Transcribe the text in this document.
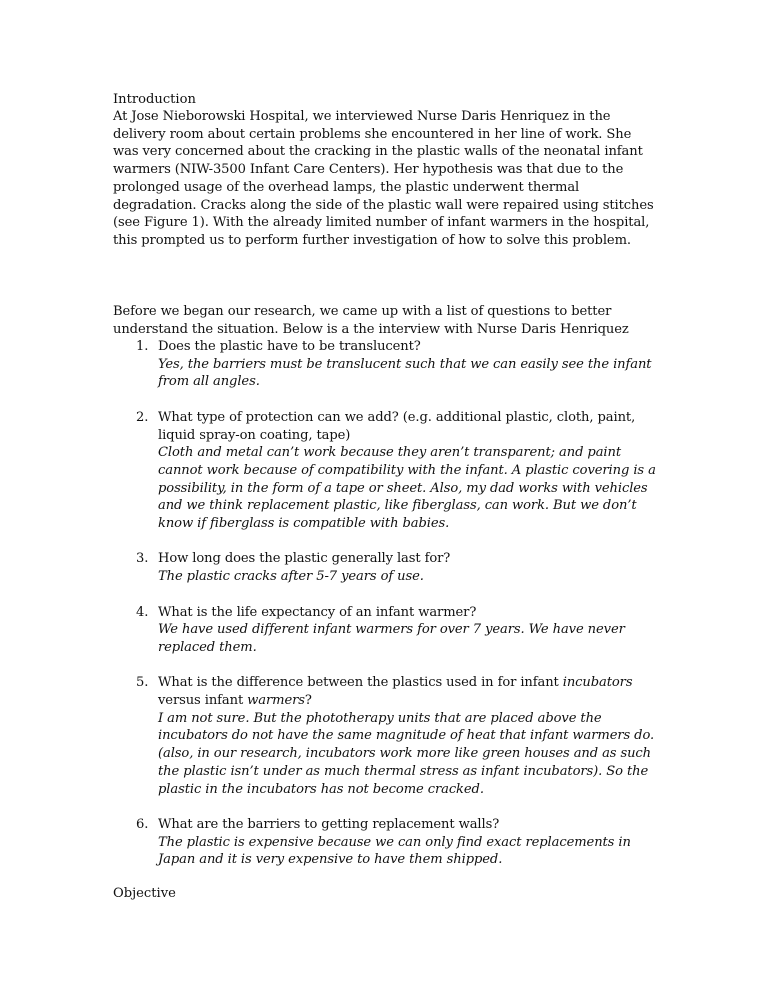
Introduction

At Jose Nieborowski Hospital, we interviewed Nurse Daris Henriquez in the delivery room about certain problems she encountered in her line of work. She was very concerned about the cracking in the plastic walls of the neonatal infant warmers (NIW-3500 Infant Care Centers). Her hypothesis was that due to the prolonged usage of the overhead lamps, the plastic underwent thermal degradation. Cracks along the side of the plastic wall were repaired using stitches (see Figure 1). With the already limited number of infant warmers in the hospital, this prompted us to perform further investigation of how to solve this problem.

Before we began our research, we came up with a list of questions to better understand the situation. Below is a the interview with Nurse Daris Henriquez

1. Does the plastic have to be translucent?
Yes, the barriers must be translucent such that we can easily see the infant from all angles.
2. What type of protection can we add? (e.g. additional plastic, cloth, paint, liquid spray-on coating, tape)
Cloth and metal can’t work because they aren’t transparent; and paint cannot work because of compatibility with the infant. A plastic covering is a possibility, in the form of a tape or sheet. Also, my dad works with vehicles and we think replacement plastic, like fiberglass, can work. But we don’t know if fiberglass is compatible with babies.
3. How long does the plastic generally last for?
The plastic cracks after 5-7 years of use.
4. What is the life expectancy of an infant warmer?
We have used different infant warmers for over 7 years. We have never replaced them.
5. What is the difference between the plastics used in for infant incubators versus infant warmers?
I am not sure. But the phototherapy units that are placed above the incubators do not have the same magnitude of heat that infant warmers do. (also, in our research, incubators work more like green houses and as such the plastic isn’t under as much thermal stress as infant incubators). So the plastic in the incubators has not become cracked.
6. What are the barriers to getting replacement walls?
The plastic is expensive because we can only find exact replacements in Japan and it is very expensive to have them shipped.

Objective
